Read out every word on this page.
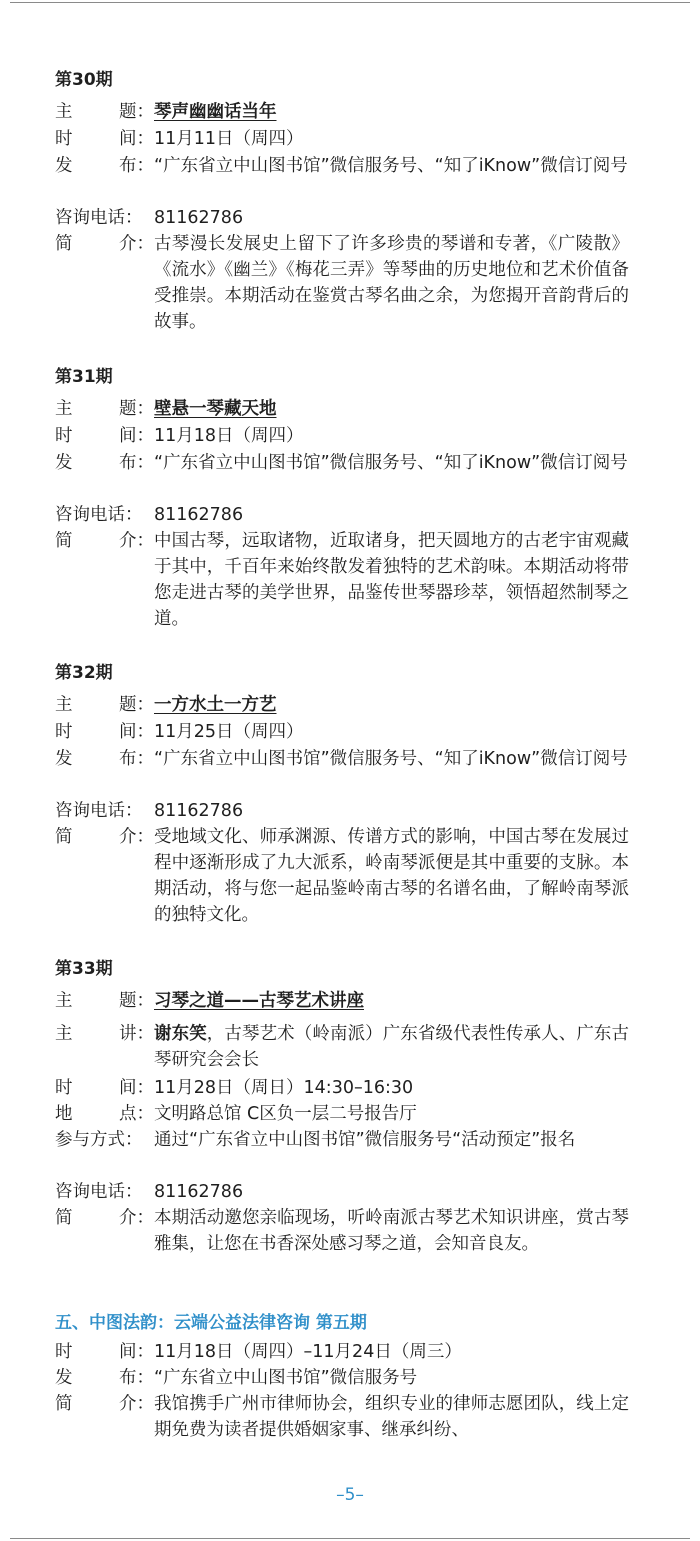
第30期
主	题： 琴声幽幽话当年
时	间： 11月11日（周四）
发	布： “广东省立中山图书馆”微信服务号、“知了iKnow”微信订阅号
咨询电话： 81162786
简	介： 古琴漫长发展史上留下了许多珍贵的琴谱和专著，《广陵散》《流水》《幽兰》《梅花三弄》等琴曲的历史地位和艺术价值备受推崇。本期活动在鉴赏古琴名曲之余，为您揭开音韵背后的故事。
第31期
主	题： 壁悬一琴藏天地
时	间： 11月18日（周四）
发	布： “广东省立中山图书馆”微信服务号、“知了iKnow”微信订阅号
咨询电话： 81162786
简	介： 中国古琴，远取诸物，近取诸身，把天圆地方的古老宇宙观藏于其中，千百年来始终散发着独特的艺术韵味。本期活动将带您走进古琴的美学世界，品鉴传世琴器珍萃，领悟超然制琴之道。
第32期
主	题： 一方水土一方艺
时	间： 11月25日（周四）
发	布： “广东省立中山图书馆”微信服务号、“知了iKnow”微信订阅号
咨询电话： 81162786
简	介： 受地域文化、师承渊源、传谱方式的影响，中国古琴在发展过程中逐渐形成了九大派系，岭南琴派便是其中重要的支脉。本期活动，将与您一起品鉴岭南古琴的名谱名曲，了解岭南琴派的独特文化。
第33期
主	题： 习琴之道——古琴艺术讲座
主	讲： 谢东笑，古琴艺术（岭南派）广东省级代表性传承人、广东古琴研究会会长
时	间： 11月28日（周日）14:30–16:30
地	点： 文明路总馆 C区负一层二号报告厅
参与方式： 通过“广东省立中山图书馆”微信服务号“活动预定”报名
咨询电话： 81162786
简	介： 本期活动邀您亲临现场，听岭南派古琴艺术知识讲座，赏古琴雅集，让您在书香深处感习琴之道，会知音良友。
五、中图法韵：云端公益法律咨询 第五期
时	间： 11月18日（周四）–11月24日（周三）
发	布： “广东省立中山图书馆”微信服务号
简	介： 我馆携手广州市律师协会，组织专业的律师志愿团队，线上定期免费为读者提供婚姻家事、继承纠纷、
–5–
